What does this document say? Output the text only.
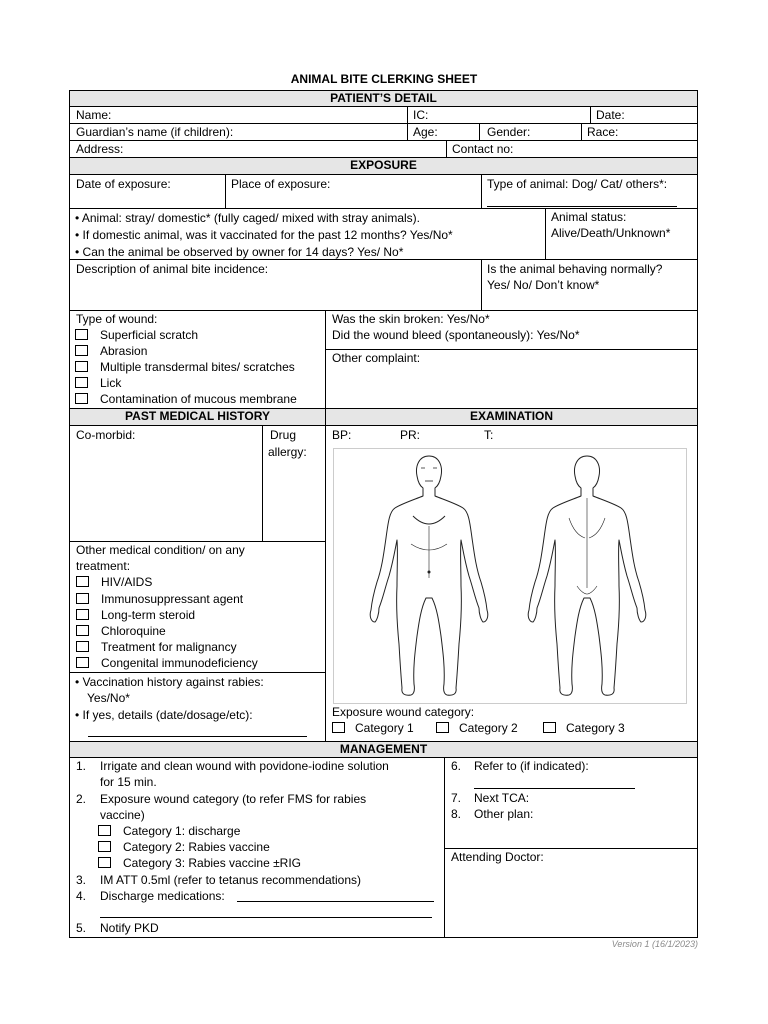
ANIMAL BITE CLERKING SHEET
PATIENT’S DETAIL
Name:	IC:	Date:
Guardian’s name (if children):	Age:	Gender:	Race:
Address:	Contact no:
EXPOSURE
Date of exposure:	Place of exposure:	Type of animal: Dog/ Cat/ others*:
• Animal: stray/ domestic* (fully caged/ mixed with stray animals).
• If domestic animal, was it vaccinated for the past 12 months? Yes/No*
• Can the animal be observed by owner for 14 days? Yes/ No*
Animal status:
Alive/Death/Unknown*
Description of animal bite incidence:	Is the animal behaving normally?
Yes/ No/ Don’t know*
Type of wound:
Superficial scratch
Abrasion
Multiple transdermal bites/ scratches
Lick
Contamination of mucous membrane
Was the skin broken: Yes/No*
Did the wound bleed (spontaneously): Yes/No*
Other complaint:
PAST MEDICAL HISTORY	EXAMINATION
Co-morbid:	Drug
allergy:
Other medical condition/ on any
treatment:
HIV/AIDS
Immunosuppressant agent
Long-term steroid
Chloroquine
Treatment for malignancy
Congenital immunodeficiency
• Vaccination history against rabies:
Yes/No*
• If yes, details (date/dosage/etc):
BP:	PR:	T:
Exposure wound category:
Category 1	Category 2	Category 3
MANAGEMENT
1. Irrigate and clean wound with povidone-iodine solution
for 15 min.
2. Exposure wound category (to refer FMS for rabies
vaccine)
Category 1: discharge
Category 2: Rabies vaccine
Category 3: Rabies vaccine ±RIG
3. IM ATT 0.5ml (refer to tetanus recommendations)
4. Discharge medications:
5. Notify PKD
6. Refer to (if indicated):
7. Next TCA:
8. Other plan:
Attending Doctor:
Version 1 (16/1/2023)
